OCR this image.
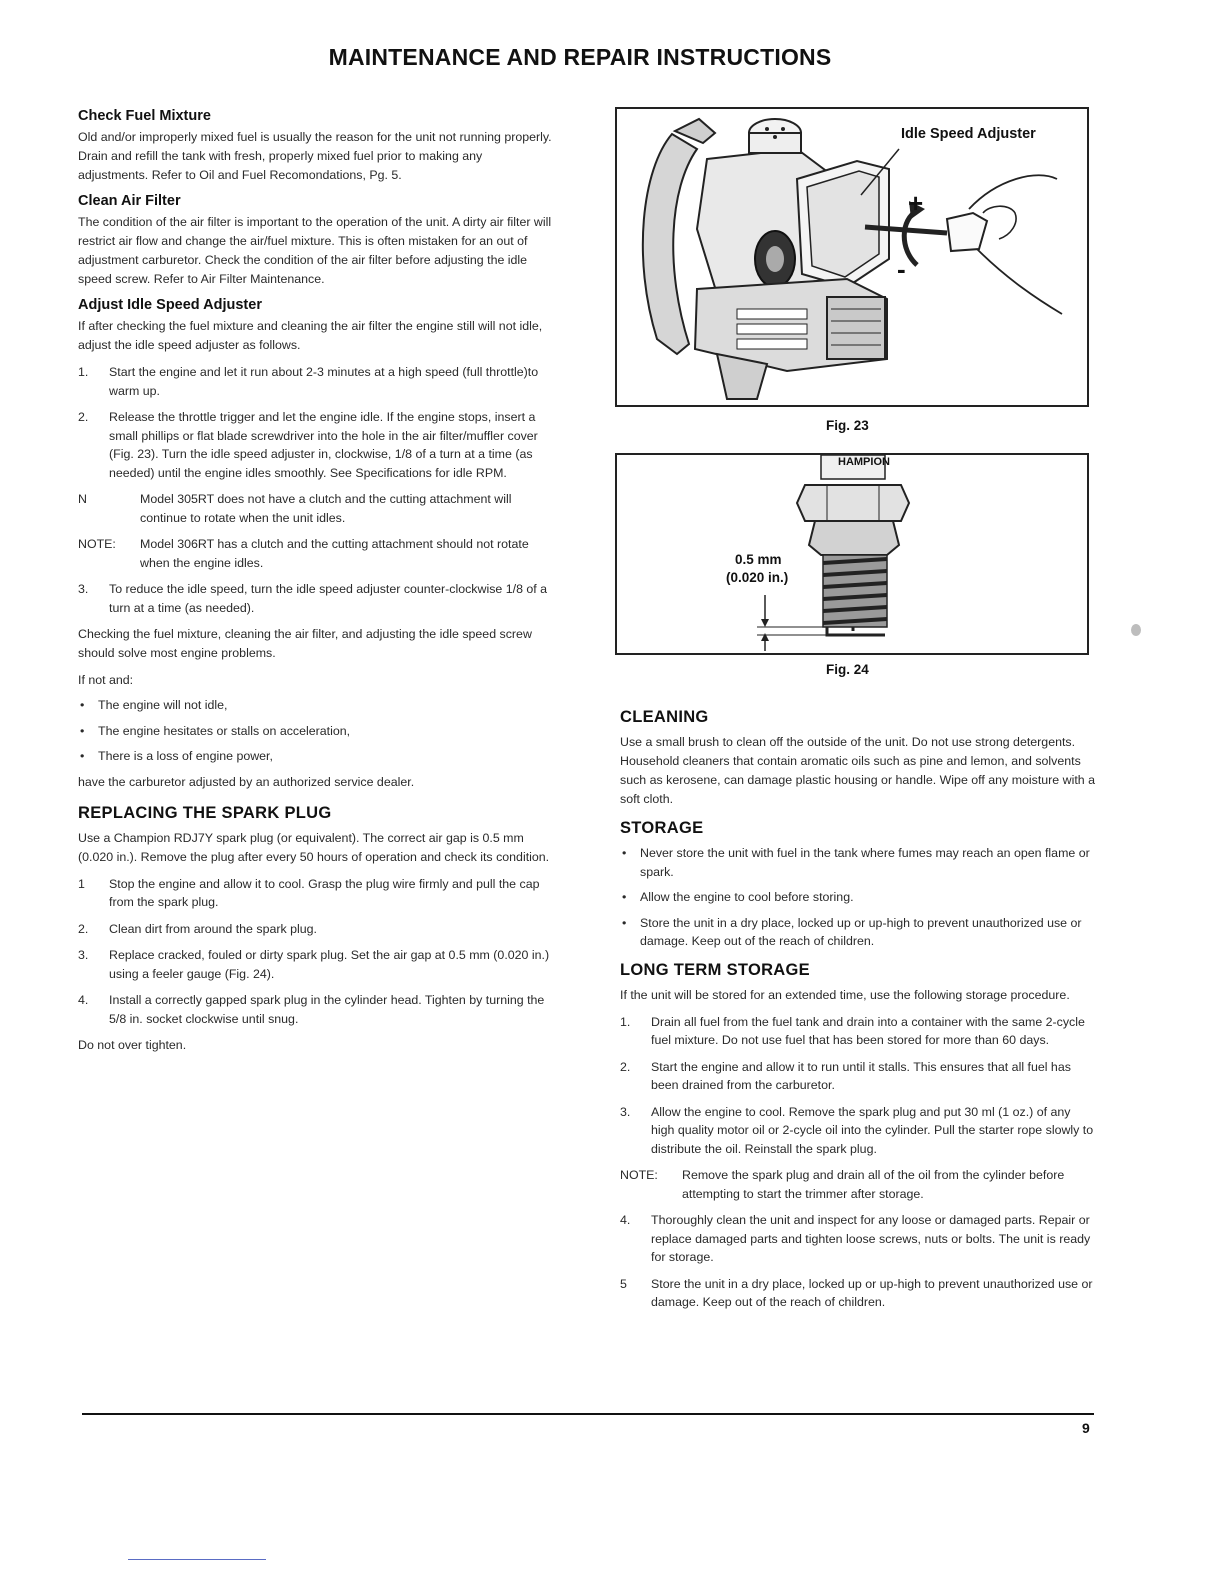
MAINTENANCE AND REPAIR INSTRUCTIONS
Check Fuel Mixture

Old and/or improperly mixed fuel is usually the reason for the unit not running properly. Drain and refill the tank with fresh, properly mixed fuel prior to making any adjustments. Refer to Oil and Fuel Recomondations, Pg. 5.

Clean Air Filter

The condition of the air filter is important to the operation of the unit. A dirty air filter will restrict air flow and change the air/fuel mixture. This is often mistaken for an out of adjustment carburetor. Check the condition of the air filter before adjusting the idle speed screw. Refer to Air Filter Maintenance.

Adjust Idle Speed Adjuster

If after checking the fuel mixture and cleaning the air filter the engine still will not idle, adjust the idle speed adjuster as follows.

1.	Start the engine and let it run about 2-3 minutes at a high speed (full throttle)to warm up.
2.	Release the throttle trigger and let the engine idle. If the engine stops, insert a small phillips or flat blade screwdriver into the hole in the air filter/muffler cover (Fig. 23). Turn the idle speed adjuster in, clockwise, 1/8 of a turn at a time (as needed) until the engine idles smoothly. See Specifications for idle RPM.
N	Model 305RT does not have a clutch and the cutting attachment will continue to rotate when the unit idles.
NOTE:	Model 306RT has a clutch and the cutting attachment should not rotate when the engine idles.
3.	To reduce the idle speed, turn the idle speed adjuster counter-clockwise 1/8 of a turn at a time (as needed).

Checking the fuel mixture, cleaning the air filter, and adjusting the idle speed screw should solve most engine problems.

If not and:

•	The engine will not idle,
•	The engine hesitates or stalls on acceleration,
•	There is a loss of engine power,

have the carburetor adjusted by an authorized service dealer.

REPLACING THE SPARK PLUG

Use a Champion RDJ7Y spark plug (or equivalent). The correct air gap is 0.5 mm (0.020 in.). Remove the plug after every 50 hours of operation and check its condition.

1	Stop the engine and allow it to cool. Grasp the plug wire firmly and pull the cap from the spark plug.
2.	Clean dirt from around the spark plug.
3.	Replace cracked, fouled or dirty spark plug. Set the air gap at 0.5 mm (0.020 in.) using a feeler gauge (Fig. 24).
4.	Install a correctly gapped spark plug in the cylinder head. Tighten by turning the 5/8 in. socket clockwise until snug.

Do not over tighten.

Idle Speed Adjuster
+
-
Fig. 23
HAMPION
0.5 mm
(0.020 in.)
Fig. 24
CLEANING

Use a small brush to clean off the outside of the unit. Do not use strong detergents. Household cleaners that contain aromatic oils such as pine and lemon, and solvents such as kerosene, can damage plastic housing or handle. Wipe off any moisture with a soft cloth.

STORAGE
•	Never store the unit with fuel in the tank where fumes may reach an open flame or spark.
•	Allow the engine to cool before storing.
•	Store the unit in a dry place, locked up or up-high to prevent unauthorized use or damage. Keep out of the reach of children.
LONG TERM STORAGE

If the unit will be stored for an extended time, use the following storage procedure.

1.	Drain all fuel from the fuel tank and drain into a container with the same 2-cycle fuel mixture. Do not use fuel that has been stored for more than 60 days.
2.	Start the engine and allow it to run until it stalls. This ensures that all fuel has been drained from the carburetor.
3.	Allow the engine to cool. Remove the spark plug and put 30 ml (1 oz.) of any high quality motor oil or 2-cycle oil into the cylinder. Pull the starter rope slowly to distribute the oil. Reinstall the spark plug.
NOTE:	Remove the spark plug and drain all of the oil from the cylinder before attempting to start the trimmer after storage.
4.	Thoroughly clean the unit and inspect for any loose or damaged parts. Repair or replace damaged parts and tighten loose screws, nuts or bolts. The unit is ready for storage.
5	Store the unit in a dry place, locked up or up-high to prevent unauthorized use or damage. Keep out of the reach of children.
9
